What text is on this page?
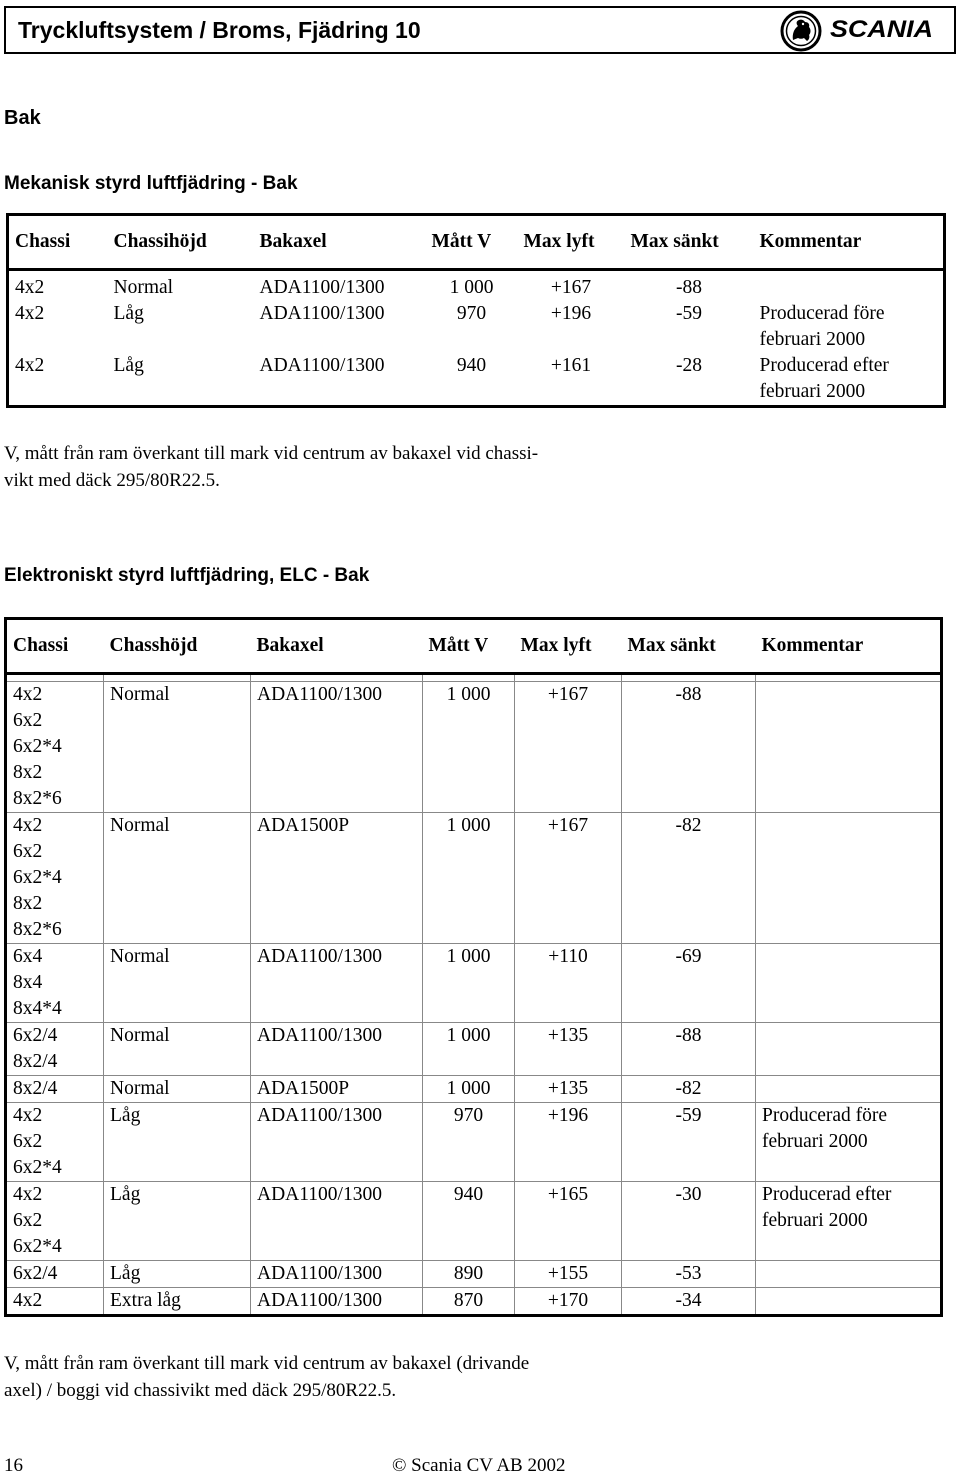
Tryckluftsystem / Broms, Fjädring 10	SCANIA
Bak
Mekanisk styrd luftfjädring - Bak
Chassi	Chassihöjd	Bakaxel	Mått V	Max lyft	Max sänkt	Kommentar
4x2	Normal	ADA1100/1300	1 000	+167	-88	
4x2	Låg	ADA1100/1300	970	+196	-59	Producerad före februari 2000
4x2	Låg	ADA1100/1300	940	+161	-28	Producerad efter februari 2000
V, mått från ram överkant till mark vid centrum av bakaxel vid chassi-
vikt med däck 295/80R22.5.
Elektroniskt styrd luftfjädring, ELC - Bak
Chassi	Chasshöjd	Bakaxel	Mått V	Max lyft	Max sänkt	Kommentar

4x2
6x2
6x2*4
8x2
8x2*6	Normal	ADA1100/1300	1 000	+167	-88	

4x2
6x2
6x2*4
8x2
8x2*6	Normal	ADA1500P	1 000	+167	-82	

6x4
8x4
8x4*4	Normal	ADA1100/1300	1 000	+110	-69	

6x2/4
8x2/4	Normal	ADA1100/1300	1 000	+135	-88	

8x2/4	Normal	ADA1500P	1 000	+135	-82	

4x2
6x2
6x2*4	Låg	ADA1100/1300	970	+196	-59	Producerad före februari 2000

4x2
6x2
6x2*4	Låg	ADA1100/1300	940	+165	-30	Producerad efter februari 2000

6x2/4	Låg	ADA1100/1300	890	+155	-53	

4x2	Extra låg	ADA1100/1300	870	+170	-34	
V, mått från ram överkant till mark vid centrum av bakaxel (drivande
axel) / boggi vid chassivikt med däck 295/80R22.5.
16	© Scania CV AB 2002
